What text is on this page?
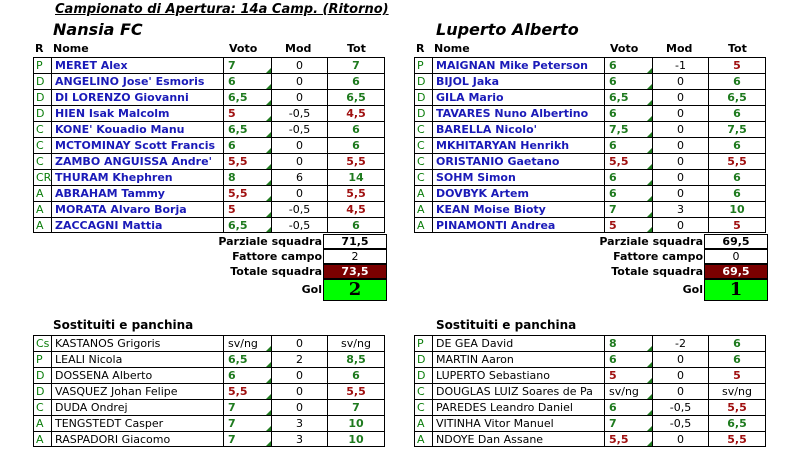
Campionato di Apertura: 14a Camp. (Ritorno)
Nansia FC
R Nome	Voto	Mod	Tot
P	MERET Alex	7	0	7
D ANGELINO Jose' Esmoris	6	0	6
D DI LORENZO Giovanni	6,5	0	6,5
D HIEN Isak Malcolm	5	-0,5	4,5
C	KONE' Kouadio Manu	6,5	-0,5	6
C	MCTOMINAY Scott Francis	6	0	6
C	ZAMBO ANGUISSA Andre'	5,5	0	5,5
CR THURAM Khephren	8	6	14
A	ABRAHAM Tammy	5,5	0	5,5
A	MORATA Alvaro Borja	5	-0,5	4,5
A	ZACCAGNI Mattia	6,5	-0,5	6
Parziale squadra	71,5
Fattore campo	2
Totale squadra	73,5
Gol	2
Sostituiti e panchina
Cs KASTANOS Grigoris	sv/ng	0	sv/ng
P	LEALI Nicola	6,5	2	8,5
D DOSSENA Alberto	6	0	6
D VASQUEZ Johan Felipe	5,5	0	5,5
C	DUDA Ondrej	7	0	7
A	TENGSTEDT Casper	7	3	10
A	RASPADORI Giacomo	7	3	10
Luperto Alberto
R Nome	Voto	Mod	Tot
P	MAIGNAN Mike Peterson	6	-1	5
D BIJOL Jaka	6	0	6
D GILA Mario	6,5	0	6,5
D TAVARES Nuno Albertino	6	0	6
C	BARELLA Nicolo'	7,5	0	7,5
C	MKHITARYAN Henrikh	6	0	6
C	ORISTANIO Gaetano	5,5	0	5,5
C	SOHM Simon	6	0	6
A	DOVBYK Artem	6	0	6
A	KEAN Moise Bioty	7	3	10
A	PINAMONTI Andrea	5	0	5
Parziale squadra	69,5
Fattore campo	0
Totale squadra	69,5
Gol	1
Sostituiti e panchina
P	DE GEA David	8	-2	6
D MARTIN Aaron	6	0	6
D LUPERTO Sebastiano	5	0	5
C	DOUGLAS LUIZ Soares de Pa	sv/ng	0	sv/ng
C	PAREDES Leandro Daniel	6	-0,5	5,5
A	VITINHA Vitor Manuel	7	-0,5	6,5
A	NDOYE Dan Assane	5,5	0	5,5
